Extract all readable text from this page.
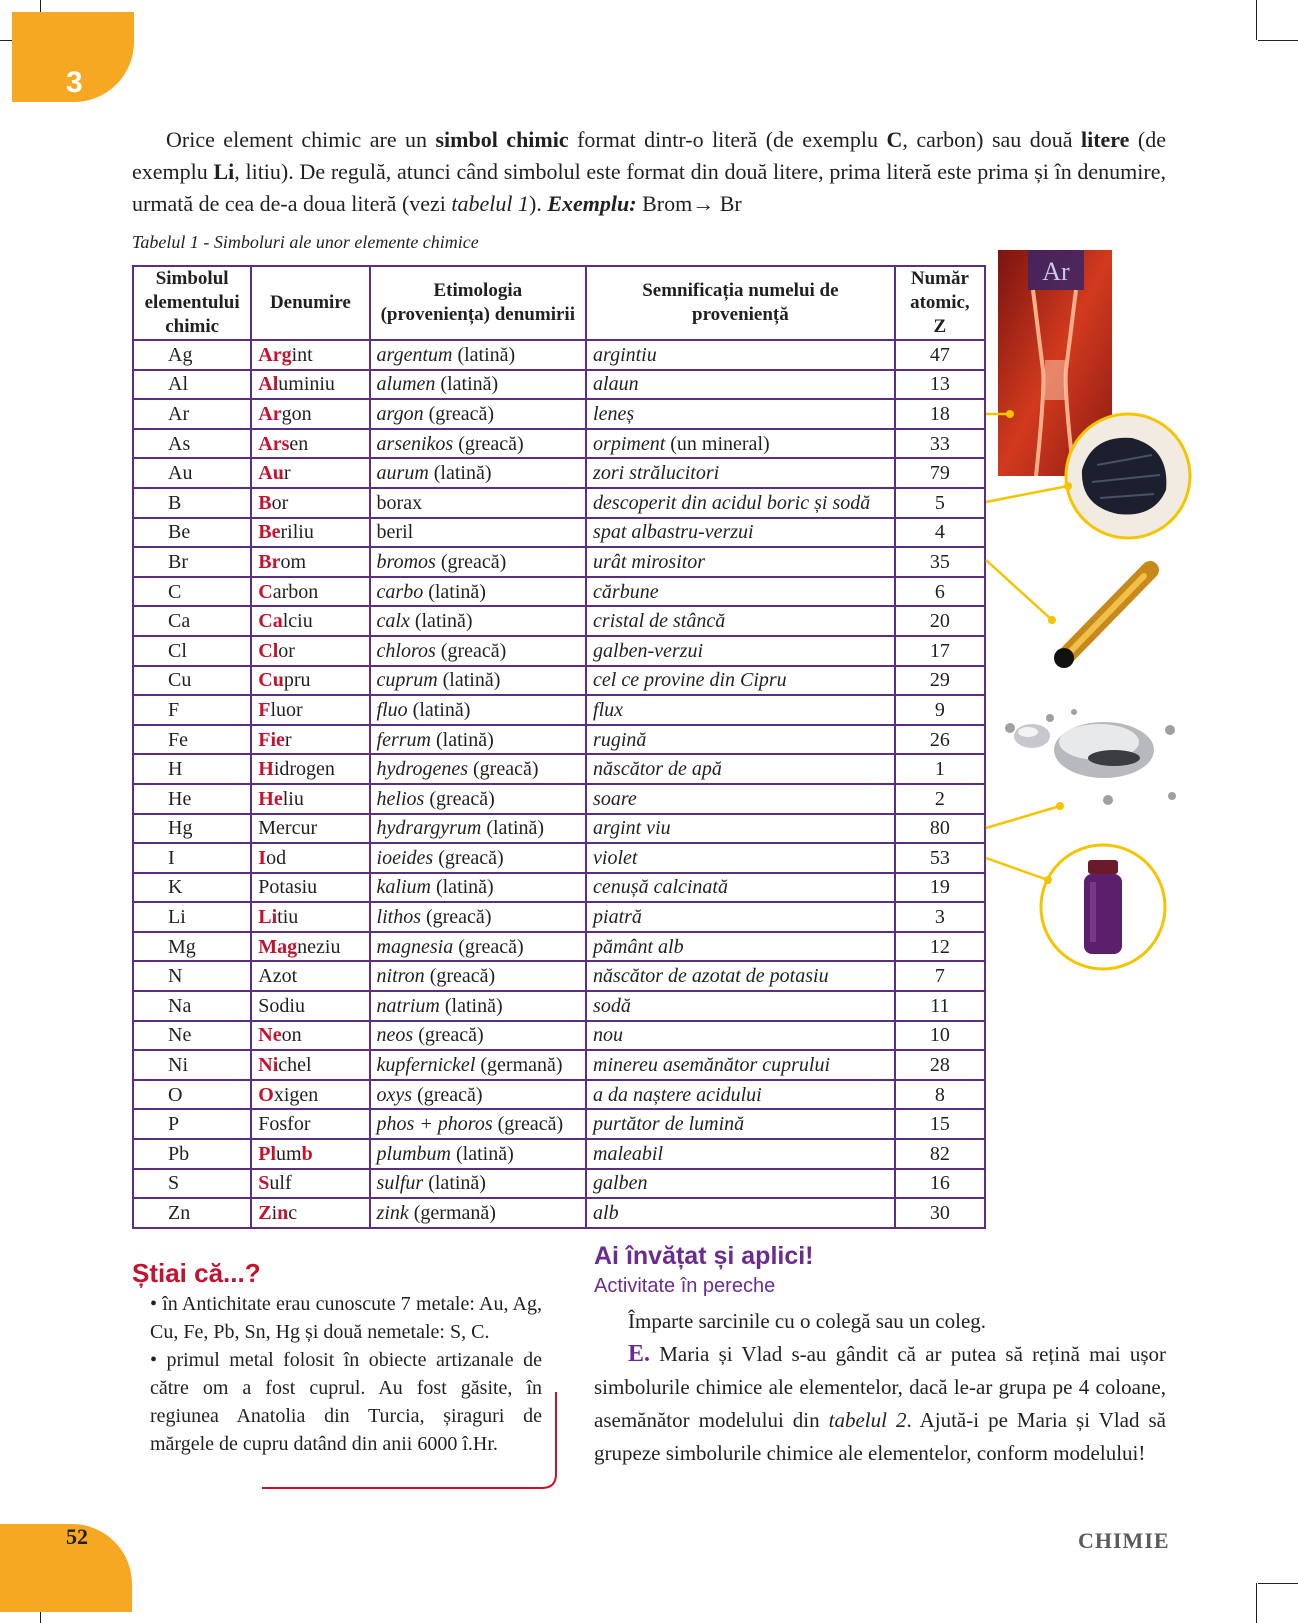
3
Orice element chimic are un simbol chimic format dintr-o literă (de exemplu C, carbon) sau două litere (de exemplu Li, litiu). De regulă, atunci când simbolul este format din două litere, prima literă este prima și în denumire, urmată de cea de-a doua literă (vezi tabelul 1). Exemplu: Brom→ Br
Tabelul 1 - Simboluri ale unor elemente chimice
Simbolul elementului chimic	Denumire	Etimologia (proveniența) denumirii	Semnificația numelui de proveniență	Număr atomic, Z
Ag	Argint	argentum (latină)	argintiu	47
Al	Aluminiu	alumen (latină)	alaun	13
Ar	Argon	argon (greacă)	leneș	18
As	Arsen	arsenikos (greacă)	orpiment (un mineral)	33
Au	Aur	aurum (latină)	zori strălucitori	79
B	Bor	borax	descoperit din acidul boric și sodă	5
Be	Beriliu	beril	spat albastru-verzui	4
Br	Brom	bromos (greacă)	urât mirositor	35
C	Carbon	carbo (latină)	cărbune	6
Ca	Calciu	calx (latină)	cristal de stâncă	20
Cl	Clor	chloros (greacă)	galben-verzui	17
Cu	Cupru	cuprum (latină)	cel ce provine din Cipru	29
F	Fluor	fluo (latină)	flux	9
Fe	Fier	ferrum (latină)	rugină	26
H	Hidrogen	hydrogenes (greacă)	născător de apă	1
He	Heliu	helios (greacă)	soare	2
Hg	Mercur	hydrargyrum (latină)	argint viu	80
I	Iod	ioeides (greacă)	violet	53
K	Potasiu	kalium (latină)	cenușă calcinată	19
Li	Litiu	lithos (greacă)	piatră	3
Mg	Magneziu	magnesia (greacă)	pământ alb	12
N	Azot	nitron (greacă)	născător de azotat de potasiu	7
Na	Sodiu	natrium (latină)	sodă	11
Ne	Neon	neos (greacă)	nou	10
Ni	Nichel	kupfernickel (germană)	minereu asemănător cuprului	28
O	Oxigen	oxys (greacă)	a da naștere acidului	8
P	Fosfor	phos + phoros (greacă)	purtător de lumină	15
Pb	Plumb	plumbum (latină)	maleabil	82
S	Sulf	sulfur (latină)	galben	16
Zn	Zinc	zink (germană)	alb	30
Ar
Știai că...?

• în Antichitate erau cunoscute 7 metale: Au, Ag, Cu, Fe, Pb, Sn, Hg și două nemetale: S, C.

• primul metal folosit în obiecte artizanale de către om a fost cuprul. Au fost găsite, în regiunea Anatolia din Turcia, șiraguri de mărgele de cupru datând din anii 6000 î.Hr.

Ai învățat și aplici!
Activitate în pereche

Împarte sarcinile cu o colegă sau un coleg.

E. Maria și Vlad s-au gândit că ar putea să rețină mai ușor simbolurile chimice ale elementelor, dacă le-ar grupa pe 4 coloane, asemănător modelului din tabelul 2. Ajută-i pe Maria și Vlad să grupeze simbolurile chimice ale elementelor, conform modelului!

52	CHIMIE
